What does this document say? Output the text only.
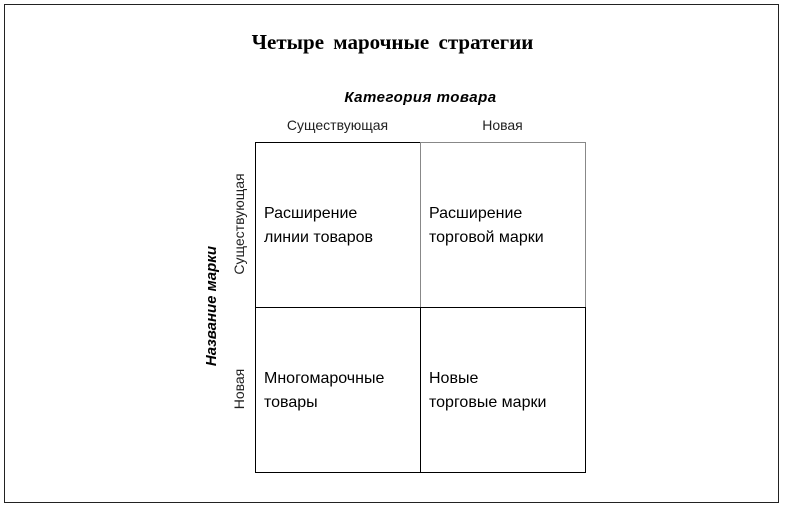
Четыре марочные стратегии
Категория товара
Существующая	Новая
Название марки
Существующая
Новая
Расширение
линии товаров
Расширение
торговой марки
Многомарочные
товары
Новые
торговые марки
